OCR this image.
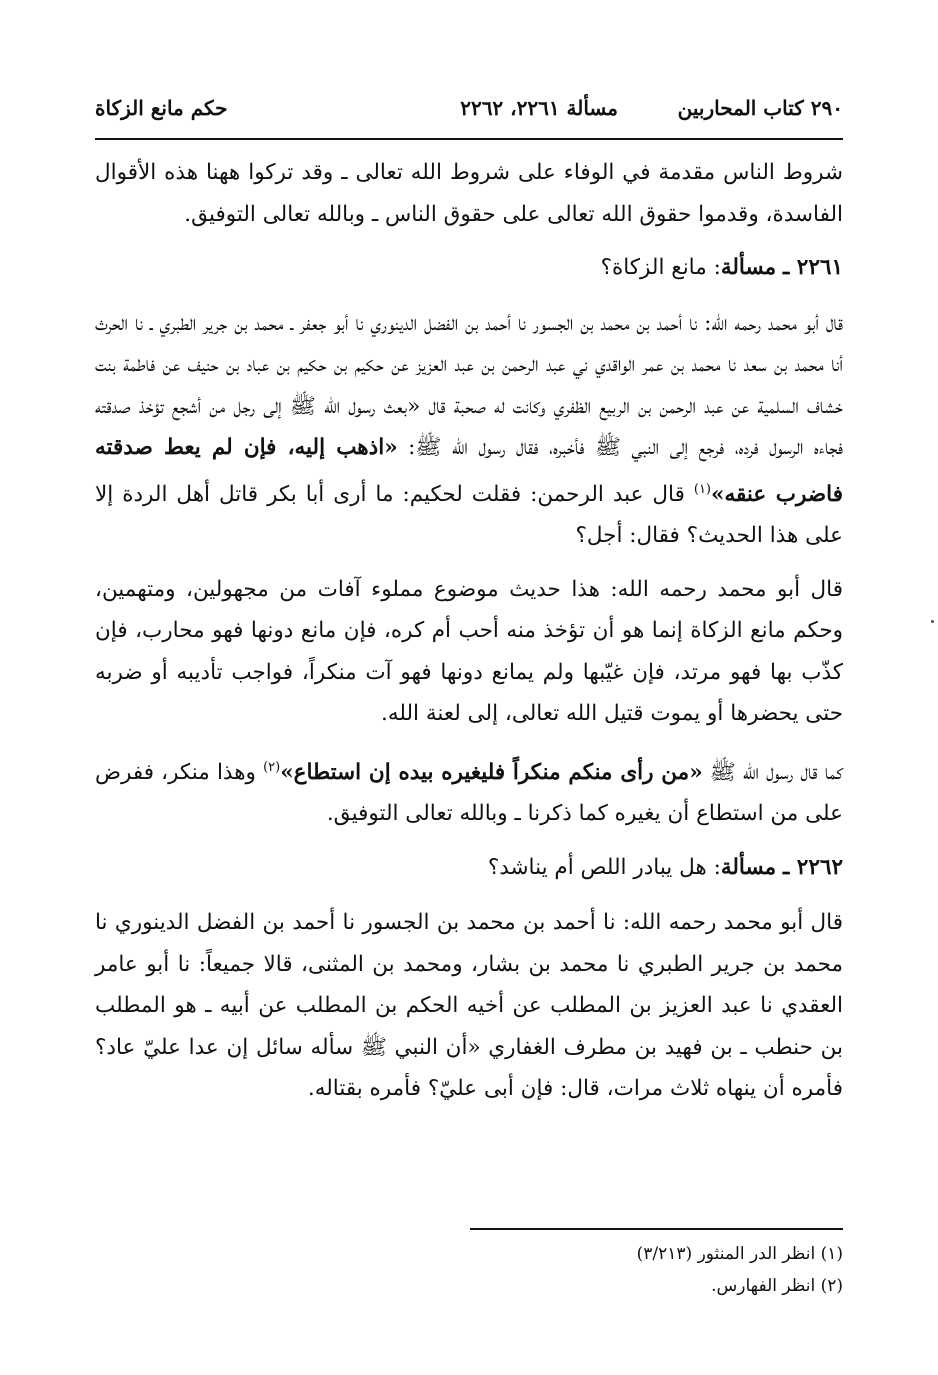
٢٩٠ كتاب المحاربين
مسألة ٢٢٦١، ٢٢٦٢
حكم مانع الزكاة

شروط الناس مقدمة في الوفاء على شروط الله تعالى ـ وقد تركوا ههنا هذه الأقوال الفاسدة، وقدموا حقوق الله تعالى على حقوق الناس ـ وبالله تعالى التوفيق.

٢٢٦١ ـ مسألة: مانع الزكاة؟

قال أبو محمد رحمه الله: نا أحمد بن محمد بن الجسور نا أحمد بن الفضل الدينوري نا أبو جعفر ـ محمد بن جرير الطبري ـ نا الحرث أنا محمد بن سعد نا محمد بن عمر الواقدي ني عبد الرحمن بن عبد العزيز عن حكيم بن حكيم بن عباد بن حنيف عن فاطمة بنت خشاف السلمية عن عبد الرحمن بن الربيع الظفري وكانت له صحبة قال «بعث رسول الله ﷺ إلى رجل من أشجع تؤخذ صدقته فجاءه الرسول فرده، فرجع إلى النبي ﷺ فأخبره، فقال رسول الله ﷺ: «اذهب إليه، فإن لم يعط صدقته فاضرب عنقه»$^{(١)}$ قال عبد الرحمن: فقلت لحكيم: ما أرى أبا بكر قاتل أهل الردة إلا على هذا الحديث؟ فقال: أجل؟

قال أبو محمد رحمه الله: هذا حديث موضوع مملوء آفات من مجهولين، ومتهمين، وحكم مانع الزكاة إنما هو أن تؤخذ منه أحب أم كره، فإن مانع دونها فهو محارب، فإن كذّب بها فهو مرتد، فإن غيّبها ولم يمانع دونها فهو آت منكراً، فواجب تأديبه أو ضربه حتى يحضرها أو يموت قتيل الله تعالى، إلى لعنة الله.

كما قال رسول الله ﷺ «من رأى منكم منكراً فليغيره بيده إن استطاع»$^{(٢)}$ وهذا منكر، ففرض على من استطاع أن يغيره كما ذكرنا ـ وبالله تعالى التوفيق.

٢٢٦٢ ـ مسألة: هل يبادر اللص أم يناشد؟

قال أبو محمد رحمه الله: نا أحمد بن محمد بن الجسور نا أحمد بن الفضل الدينوري نا محمد بن جرير الطبري نا محمد بن بشار، ومحمد بن المثنى، قالا جميعاً: نا أبو عامر العقدي نا عبد العزيز بن المطلب عن أخيه الحكم بن المطلب عن أبيه ـ هو المطلب بن حنطب ـ بن فهيد بن مطرف الغفاري «أن النبي ﷺ سأله سائل إن عدا عليّ عاد؟ فأمره أن ينهاه ثلاث مرات، قال: فإن أبى عليّ؟ فأمره بقتاله.

(١) انظر الدر المنثور (٣/٢١٣)
(٢) انظر الفهارس.
